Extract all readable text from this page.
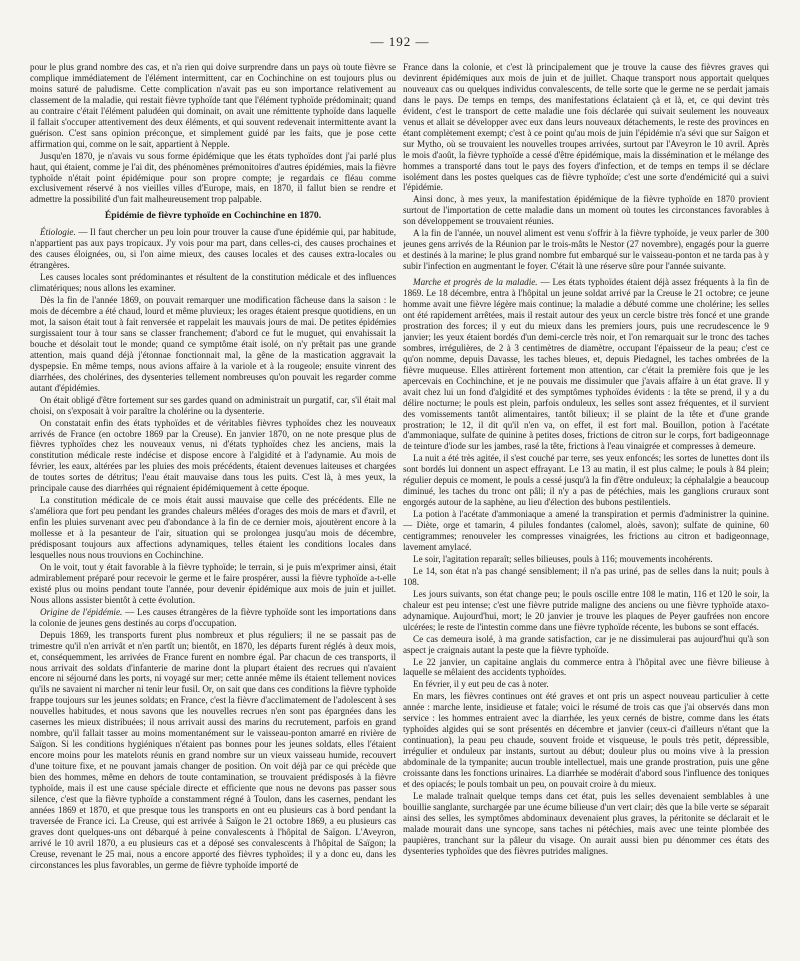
— 192 —

pour le plus grand nombre des cas, et n'a rien qui doive surprendre dans un pays où toute fièvre se complique immédiatement de l'élément intermittent, car en Cochinchine on est toujours plus ou moins saturé de paludisme. Cette complication n'avait pas eu son importance relativement au classement de la maladie, qui restait fièvre typhoïde tant que l'élément typhoïde prédominait; quand au contraire c'était l'élément paludéen qui dominait, on avait une rémittente typhoïde dans laquelle il fallait s'occuper attentivement des deux éléments, et qui souvent redevenait intermittente avant la guérison. C'est sans opinion préconçue, et simplement guidé par les faits, que je pose cette affirmation qui, comme on le sait, appartient à Nepple.

Jusqu'en 1870, je n'avais vu sous forme épidémique que les états typhoïdes dont j'ai parlé plus haut, qui étaient, comme je l'ai dit, des phénomènes prémonitoires d'autres épidémies, mais la fièvre typhoïde n'était point épidémique pour son propre compte; je regardais ce fléau comme exclusivement réservé à nos vieilles villes d'Europe, mais, en 1870, il fallut bien se rendre et admettre la possibilité d'un fait malheureusement trop palpable.

Épidémie de fièvre typhoïde en Cochinchine en 1870.

Étiologie. — Il faut chercher un peu loin pour trouver la cause d'une épidémie qui, par habitude, n'appartient pas aux pays tropicaux. J'y vois pour ma part, dans celles-ci, des causes prochaines et des causes éloignées, ou, si l'on aime mieux, des causes locales et des causes extra-locales ou étrangères.

Les causes locales sont prédominantes et résultent de la constitution médicale et des influences climatériques; nous allons les examiner.

Dès la fin de l'année 1869, on pouvait remarquer une modification fâcheuse dans la saison : le mois de décembre a été chaud, lourd et même pluvieux; les orages étaient presque quotidiens, en un mot, la saison était tout à fait renversée et rappelait les mauvais jours de mai. De petites épidémies surgissaient tour à tour sans se classer franchement; d'abord ce fut le muguet, qui envahissait la bouche et désolait tout le monde; quand ce symptôme était isolé, on n'y prêtait pas une grande attention, mais quand déjà j'étonnae fonctionnait mal, la gêne de la mastication aggravait la dyspepsie. En même temps, nous avions affaire à la variole et à la rougeole; ensuite vinrent des diarrhées, des cholérines, des dysenteries tellement nombreuses qu'on pouvait les regarder comme autant d'épidémies.

On était obligé d'être fortement sur ses gardes quand on administrait un purgatif, car, s'il était mal choisi, on s'exposait à voir paraître la cholérine ou la dysenterie.

On constatait enfin des états typhoïdes et de véritables fièvres typhoïdes chez les nouveaux arrivés de France (en octobre 1869 par la Creuse). En janvier 1870, on ne note presque plus de fièvres typhoïdes chez les nouveaux venus, ni d'états typhoïdes chez les anciens, mais la constitution médicale reste indécise et dispose encore à l'algidité et à l'adynamie. Au mois de février, les eaux, altérées par les pluies des mois précédents, étaient devenues laiteuses et chargées de toutes sortes de détritus; l'eau était mauvaise dans tous les puits. C'est là, à mes yeux, la principale cause des diarrhées qui régnaient épidémiquement à cette époque.

La constitution médicale de ce mois était aussi mauvaise que celle des précédents. Elle ne s'améliora que fort peu pendant les grandes chaleurs mêlées d'orages des mois de mars et d'avril, et enfin les pluies survenant avec peu d'abondance à la fin de ce dernier mois, ajoutèrent encore à la mollesse et à la pesanteur de l'air, situation qui se prolongea jusqu'au mois de décembre, prédisposant toujours aux affections adynamiques, telles étaient les conditions locales dans lesquelles nous nous trouvions en Cochinchine.

On le voit, tout y était favorable à la fièvre typhoïde; le terrain, si je puis m'exprimer ainsi, était admirablement préparé pour recevoir le germe et le faire prospérer, aussi la fièvre typhoïde a-t-elle existé plus ou moins pendant toute l'année, pour devenir épidémique aux mois de juin et juillet. Nous allons assister bientôt à cette évolution.

Origine de l'épidémie. — Les causes étrangères de la fièvre typhoïde sont les importations dans la colonie de jeunes gens destinés au corps d'occupation.

Depuis 1869, les transports furent plus nombreux et plus réguliers; il ne se passait pas de trimestre qu'il n'en arrivât et n'en partît un; bientôt, en 1870, les départs furent réglés à deux mois, et, conséquemment, les arrivées de France furent en nombre égal. Par chacun de ces transports, il nous arrivait des soldats d'infanterie de marine dont la plupart étaient des recrues qui n'avaient encore ni séjourné dans les ports, ni voyagé sur mer; cette année même ils étaient tellement novices qu'ils ne savaient ni marcher ni tenir leur fusil. Or, on sait que dans ces conditions la fièvre typhoïde frappe toujours sur les jeunes soldats; en France, c'est la fièvre d'acclimatement de l'adolescent à ses nouvelles habitudes, et nous savons que les nouvelles recrues n'en sont pas épargnées dans les casernes les mieux distribuées; il nous arrivait aussi des marins du recrutement, parfois en grand nombre, qu'il fallait tasser au moins momentanément sur le vaisseau-ponton amarré en rivière de Saïgon. Si les conditions hygiéniques n'étaient pas bonnes pour les jeunes soldats, elles l'étaient encore moins pour les matelots réunis en grand nombre sur un vieux vaisseau humide, recouvert d'une toiture fixe, et ne pouvant jamais changer de position. On voit déjà par ce qui précède que bien des hommes, même en dehors de toute contamination, se trouvaient prédisposés à la fièvre typhoïde, mais il est une cause spéciale directe et efficiente que nous ne devons pas passer sous silence, c'est que la fièvre typhoïde a constamment régné à Toulon, dans les casernes, pendant les années 1869 et 1870, et que presque tous les transports en ont eu plusieurs cas à bord pendant la traversée de France ici. La Creuse, qui est arrivée à Saïgon le 21 octobre 1869, a eu plusieurs cas graves dont quelques-uns ont débarqué à peine convalescents à l'hôpital de Saïgon. L'Aveyron, arrivé le 10 avril 1870, a eu plusieurs cas et a déposé ses convalescents à l'hôpital de Saïgon; la Creuse, revenant le 25 mai, nous a encore apporté des fièvres typhoïdes; il y a donc eu, dans les circonstances les plus favorables, un germe de fièvre typhoïde importé de

France dans la colonie, et c'est là principalement que je trouve la cause des fièvres graves qui devinrent épidémiques aux mois de juin et de juillet. Chaque transport nous apportait quelques nouveaux cas ou quelques individus convalescents, de telle sorte que le germe ne se perdait jamais dans le pays. De temps en temps, des manifestations éclataient çà et là, et, ce qui devint très évident, c'est le transport de cette maladie une fois déclarée qui suivait seulement les nouveaux venus et allait se développer avec eux dans leurs nouveaux détachements, le reste des provinces en étant complètement exempt; c'est à ce point qu'au mois de juin l'épidémie n'a sévi que sur Saïgon et sur Mytho, où se trouvaient les nouvelles troupes arrivées, surtout par l'Aveyron le 10 avril. Après le mois d'août, la fièvre typhoïde a cessé d'être épidémique, mais la dissémination et le mélange des hommes a transporté dans tout le pays des foyers d'infection, et de temps en temps il se déclare isolément dans les postes quelques cas de fièvre typhoïde; c'est une sorte d'endémicité qui a suivi l'épidémie.

Ainsi donc, à mes yeux, la manifestation épidémique de la fièvre typhoïde en 1870 provient surtout de l'importation de cette maladie dans un moment où toutes les circonstances favorables à son développement se trouvaient réunies.

A la fin de l'année, un nouvel aliment est venu s'offrir à la fièvre typhoïde, je veux parler de 300 jeunes gens arrivés de la Réunion par le trois-mâts le Nestor (27 novembre), engagés pour la guerre et destinés à la marine; le plus grand nombre fut embarqué sur le vaisseau-ponton et ne tarda pas à y subir l'infection en augmentant le foyer. C'était là une réserve sûre pour l'année suivante.

Marche et progrès de la maladie. — Les états typhoïdes étaient déjà assez fréquents à la fin de 1869. Le 18 décembre, entra à l'hôpital un jeune soldat arrivé par la Creuse le 21 octobre; ce jeune homme avait une fièvre légère mais continue; la maladie a débuté comme une cholérine; les selles ont été rapidement arrêtées, mais il restait autour des yeux un cercle bistre très foncé et une grande prostration des forces; il y eut du mieux dans les premiers jours, puis une recrudescence le 9 janvier; les yeux étaient bordés d'un demi-cercle très noir, et l'on remarquait sur le tronc des taches sombres, irrégulières, de 2 à 3 centimètres de diamètre, occupant l'épaisseur de la peau; c'est ce qu'on nomme, depuis Davasse, les taches bleues, et, depuis Piedagnel, les taches ombrées de la fièvre muqueuse. Elles attirèrent fortement mon attention, car c'était la première fois que je les apercevais en Cochinchine, et je ne pouvais me dissimuler que j'avais affaire à un état grave. Il y avait chez lui un fond d'algidité et des symptômes typhoïdes évidents : la tête se prend, il y a du délire nocturne; le pouls est plein, parfois onduleux, les selles sont assez fréquentes, et il survient des vomissements tantôt alimentaires, tantôt bilieux; il se plaint de la tête et d'une grande prostration; le 12, il dit qu'il n'en va, on effet, il est fort mal. Bouillon, potion à l'acétate d'ammoniaque, sulfate de quinine à petites doses, frictions de citron sur le corps, fort badigeonnage de teinture d'iode sur les jambes, rasé la tête, frictions à l'eau vinaigrée et compresses à demeure.

La nuit a été très agitée, il s'est couché par terre, ses yeux enfoncés; les sortes de lunettes dont ils sont bordés lui donnent un aspect effrayant. Le 13 au matin, il est plus calme; le pouls à 84 plein; régulier depuis ce moment, le pouls a cessé jusqu'à la fin d'être onduleux; la céphalalgie a beaucoup diminué, les taches du tronc ont pâli; il n'y a pas de pétéchies, mais les ganglions cruraux sont engorgés autour de la saphène, au lieu d'élection des bubons pestilentiels.

La potion à l'acétate d'ammoniaque a amené la transpiration et permis d'administrer la quinine. — Diète, orge et tamarin, 4 pilules fondantes (calomel, aloès, savon); sulfate de quinine, 60 centigrammes; renouveler les compresses vinaigrées, les frictions au citron et badigeonnage, lavement amylacé.

Le soir, l'agitation reparaît; selles bilieuses, pouls à 116; mouvements incohérents.

Le 14, son état n'a pas changé sensiblement; il n'a pas uriné, pas de selles dans la nuit; pouls à 108.

Les jours suivants, son état change peu; le pouls oscille entre 108 le matin, 116 et 120 le soir, la chaleur est peu intense; c'est une fièvre putride maligne des anciens ou une fièvre typhoïde ataxo-adynamique. Aujourd'hui, mort; le 20 janvier je trouve les plaques de Peyer gaufrées non encore ulcérées; le reste de l'intestin comme dans une fièvre typhoïde récente, les bubons se sont effacés.

Ce cas demeura isolé, à ma grande satisfaction, car je ne dissimulerai pas aujourd'hui qu'à son aspect je craignais autant la peste que la fièvre typhoïde.

Le 22 janvier, un capitaine anglais du commerce entra à l'hôpital avec une fièvre bilieuse à laquelle se mêlaient des accidents typhoïdes.

En février, il y eut peu de cas à noter.

En mars, les fièvres continues ont été graves et ont pris un aspect nouveau particulier à cette année : marche lente, insidieuse et fatale; voici le résumé de trois cas que j'ai observés dans mon service : les hommes entraient avec la diarrhée, les yeux cernés de bistre, comme dans les états typhoïdes algides qui se sont présentés en décembre et janvier (ceux-ci d'ailleurs n'étant que la continuation), la peau peu chaude, souvent froide et visqueuse, le pouls très petit, dépressible, irrégulier et onduleux par instants, surtout au début; douleur plus ou moins vive à la pression abdominale de la tympanite; aucun trouble intellectuel, mais une grande prostration, puis une gêne croissante dans les fonctions urinaires. La diarrhée se modérait d'abord sous l'influence des toniques et des opiacés; le pouls tombait un peu, on pouvait croire à du mieux.

Le malade traînait quelque temps dans cet état, puis les selles devenaient semblables à une bouillie sanglante, surchargée par une écume bilieuse d'un vert clair; dès que la bile verte se séparait ainsi des selles, les symptômes abdominaux devenaient plus graves, la péritonite se déclarait et le malade mourait dans une syncope, sans taches ni pétéchies, mais avec une teinte plombée des paupières, tranchant sur la pâleur du visage. On aurait aussi bien pu dénommer ces états des dysenteries typhoïdes que des fièvres putrides malignes.
